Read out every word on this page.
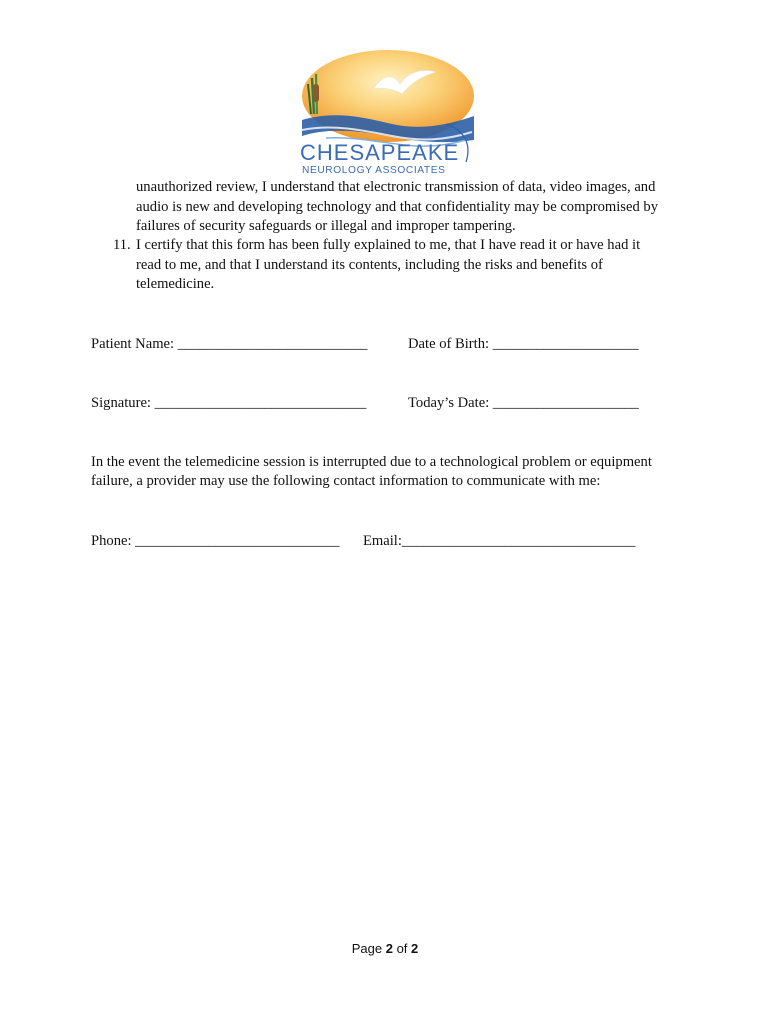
CHESAPEAKE
NEUROLOGY ASSOCIATES
unauthorized review, I understand that electronic transmission of data, video images, and
audio is new and developing technology and that confidentiality may be compromised by
failures of security safeguards or illegal and improper tampering.
11. I certify that this form has been fully explained to me, that I have read it or have had it
read to me, and that I understand its contents, including the risks and benefits of
telemedicine.
Patient Name: __________________________	Date of Birth: ____________________
Signature: _____________________________	Today’s Date: ____________________
In the event the telemedicine session is interrupted due to a technological problem or equipment
failure, a provider may use the following contact information to communicate with me:
Phone: ____________________________ Email:________________________________
Page 2 of 2
